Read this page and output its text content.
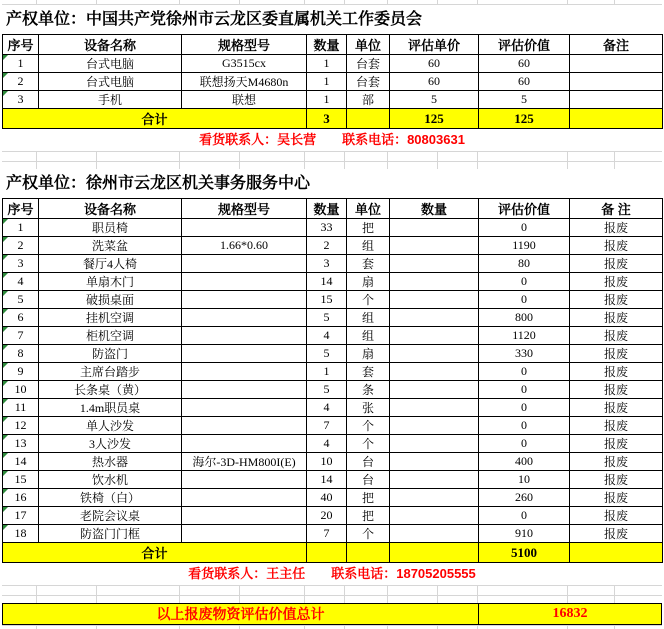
产权单位：中国共产党徐州市云龙区委直属机关工作委员会
序号	设备名称	规格型号	数量	单位	评估单价	评估价值	备注
1	台式电脑	G3515cx	1	台套	60	60	
2	台式电脑	联想扬天M4680n	1	台套	60	60	
3	手机	联想	1	部	5	5	
合计			3		125	125	
看货联系人：吴长营　　联系电话：80803631
产权单位：徐州市云龙区机关事务服务中心
序号	设备名称	规格型号	数量	单位	数量	评估价值	备 注
1	职员椅		33	把		0	报废
2	洗菜盆	1.66*0.60	2	组		1190	报废
3	餐厅4人椅		3	套		80	报废
4	单扇木门		14	扇		0	报废
5	破损桌面		15	个		0	报废
6	挂机空调		5	组		800	报废
7	柜机空调		4	组		1120	报废
8	防盗门		5	扇		330	报废
9	主席台踏步		1	套		0	报废
10	长条桌（黄）		5	条		0	报废
11	1.4m职员桌		4	张		0	报废
12	单人沙发		7	个		0	报废
13	3人沙发		4	个		0	报废
14	热水器	海尔-3D-HM800I(E)	10	台		400	报废
15	饮水机		14	台		10	报废
16	铁椅（白）		40	把		260	报废
17	老院会议桌		20	把		0	报废
18	防盗门门框		7	个		910	报废
合计						5100	
看货联系人：王主任　　联系电话：18705205555
以上报废物资评估价值总计	16832
